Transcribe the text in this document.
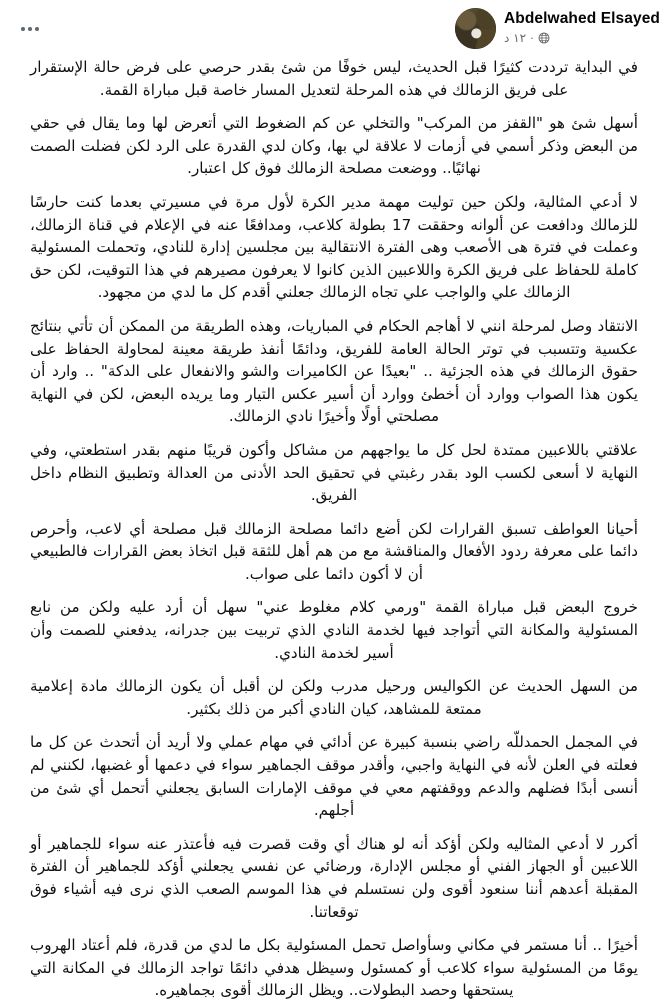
Abdelwahed Elsayed
·
١٢ د

في البداية ترددت كثيرًا قبل الحديث، ليس خوفًا من شئ بقدر حرصي على فرض حالة الإستقرار على فريق الزمالك في هذه المرحلة لتعديل المسار خاصة قبل مباراة القمة.

أسهل شئ هو "القفز من المركب" والتخلي عن كم الضغوط التي أتعرض لها وما يقال في حقي من البعض وذكر أسمي في أزمات لا علاقة لي بها، وكان لدي القدرة على الرد لكن فضلت الصمت نهائيًا.. ووضعت مصلحة الزمالك فوق كل اعتبار.

لا أدعي المثالية، ولكن حين توليت مهمة مدير الكرة لأول مرة في مسيرتي بعدما كنت حارسًا للزمالك ودافعت عن ألوانه وحققت 17 بطولة كلاعب، ومدافعًا عنه في الإعلام في قناة الزمالك، وعملت في فترة هى الأصعب وهى الفترة الانتقالية بين مجلسين إدارة للنادي، وتحملت المسئولية كاملة للحفاظ على فريق الكرة واللاعبين الذين كانوا لا يعرفون مصيرهم في هذا التوقيت، لكن حق الزمالك علي والواجب علي تجاه الزمالك جعلني أقدم كل ما لدي من مجهود.

الانتقاد وصل لمرحلة انني لا أهاجم الحكام في المباريات، وهذه الطريقة من الممكن أن تأتي بنتائج عكسية وتتسبب في توتر الحالة العامة للفريق، ودائمًا أنفذ طريقة معينة لمحاولة الحفاظ على حقوق الزمالك في هذه الجزئية .. "بعيدًا عن الكاميرات والشو والانفعال على الدكة" .. وارد أن يكون هذا الصواب ووارد أن أخطئ ووارد أن أسير عكس التيار وما يريده البعض، لكن في النهاية مصلحتي أولًا وأخيرًا نادي الزمالك.

علاقتي باللاعبين ممتدة لحل كل ما يواجههم من مشاكل وأكون قريبًا منهم بقدر استطعتي، وفي النهاية لا أسعى لكسب الود بقدر رغبتي في تحقيق الحد الأدنى من العدالة وتطبيق النظام داخل الفريق.

أحيانا العواطف تسبق القرارات لكن أضع دائما مصلحة الزمالك قبل مصلحة أي لاعب، وأحرص دائما على معرفة ردود الأفعال والمناقشة مع من هم أهل للثقة قبل اتخاذ بعض القرارات فالطبيعي أن لا أكون دائما على صواب.

خروج البعض قبل مباراة القمة "ورمي كلام مغلوط عني" سهل أن أرد عليه ولكن من نابع المسئولية والمكانة التي أتواجد فيها لخدمة النادي الذي تربيت بين جدرانه، يدفعني للصمت وأن أسير لخدمة النادي.

من السهل الحديث عن الكواليس ورحيل مدرب ولكن لن أقبل أن يكون الزمالك مادة إعلامية ممتعة للمشاهد، كيان النادي أكبر من ذلك بكثير.

في المجمل الحمدللّه راضي بنسبة كبيرة عن أدائي في مهام عملي ولا أريد أن أتحدث عن كل ما فعلته في العلن لأنه في النهاية واجبي، وأقدر موقف الجماهير سواء في دعمها أو غضبها، لكنني لم أنسى أبدًا فضلهم والدعم ووقفتهم معي في موقف الإمارات السابق يجعلني أتحمل أي شئ من أجلهم.

أكرر لا أدعي المثاليه ولكن أؤكد أنه لو هناك أي وقت قصرت فيه فأعتذر عنه سواء للجماهير أو اللاعبين أو الجهاز الفني أو مجلس الإدارة، ورضائي عن نفسي يجعلني أؤكد للجماهير أن الفترة المقبلة أعدهم أننا سنعود أقوى ولن نستسلم في هذا الموسم الصعب الذي نرى فيه أشياء فوق توقعاتنا.

أخيرًا .. أنا مستمر في مكاني وسأواصل تحمل المسئولية بكل ما لدي من قدرة، فلم أعتاد الهروب يومًا من المسئولية سواء كلاعب أو كمسئول وسيظل هدفي دائمًا تواجد الزمالك في المكانة التي يستحقها وحصد البطولات.. ويظل الزمالك أقوى بجماهيره.
